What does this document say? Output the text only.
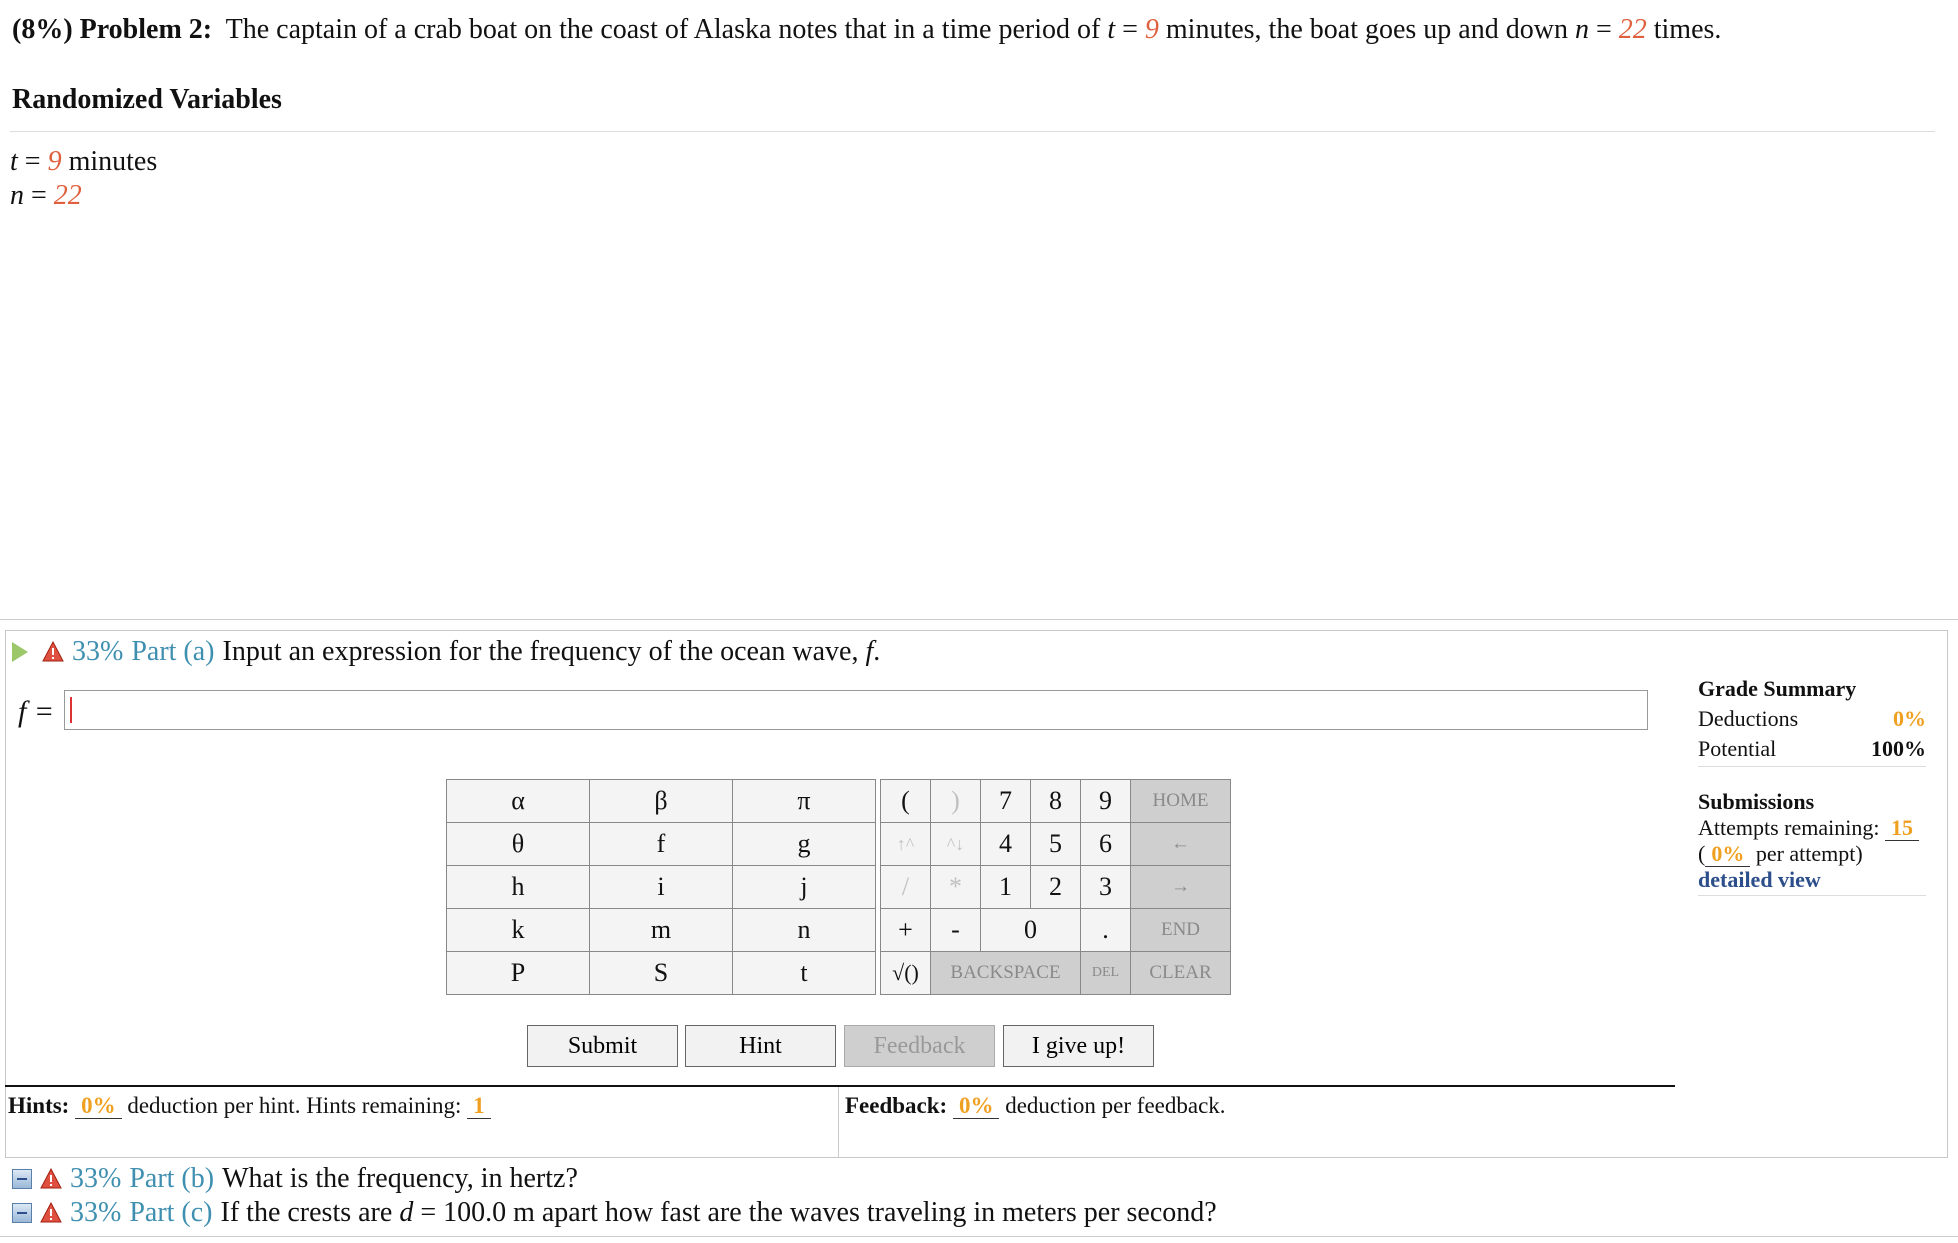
(8%) Problem 2: The captain of a crab boat on the coast of Alaska notes that in a time period of t = 9 minutes, the boat goes up and down n = 22 times.
Randomized Variables
t = 9 minutes
n = 22
33% Part (a) Input an expression for the frequency of the ocean wave, f.
f =
Grade Summary
Deductions	0%
Potential	100%
Submissions
Attempts remaining: 15
( 0% per attempt)
detailed view
α	β	π
θ	f	g
h	i	j
k	m	n
P	S	t
(	)	7	8	9	HOME
↑^	^↓	4	5	6	←
/	*	1	2	3	→
+	-	0		.	END
√()	BACKSPACE			DEL	CLEAR
Submit	Hint	Feedback	I give up!
Hints: 0% deduction per hint. Hints remaining: 1	Feedback: 0% deduction per feedback.
33% Part (b) What is the frequency, in hertz?
33% Part (c) If the crests are d = 100.0 m apart how fast are the waves traveling in meters per second?
